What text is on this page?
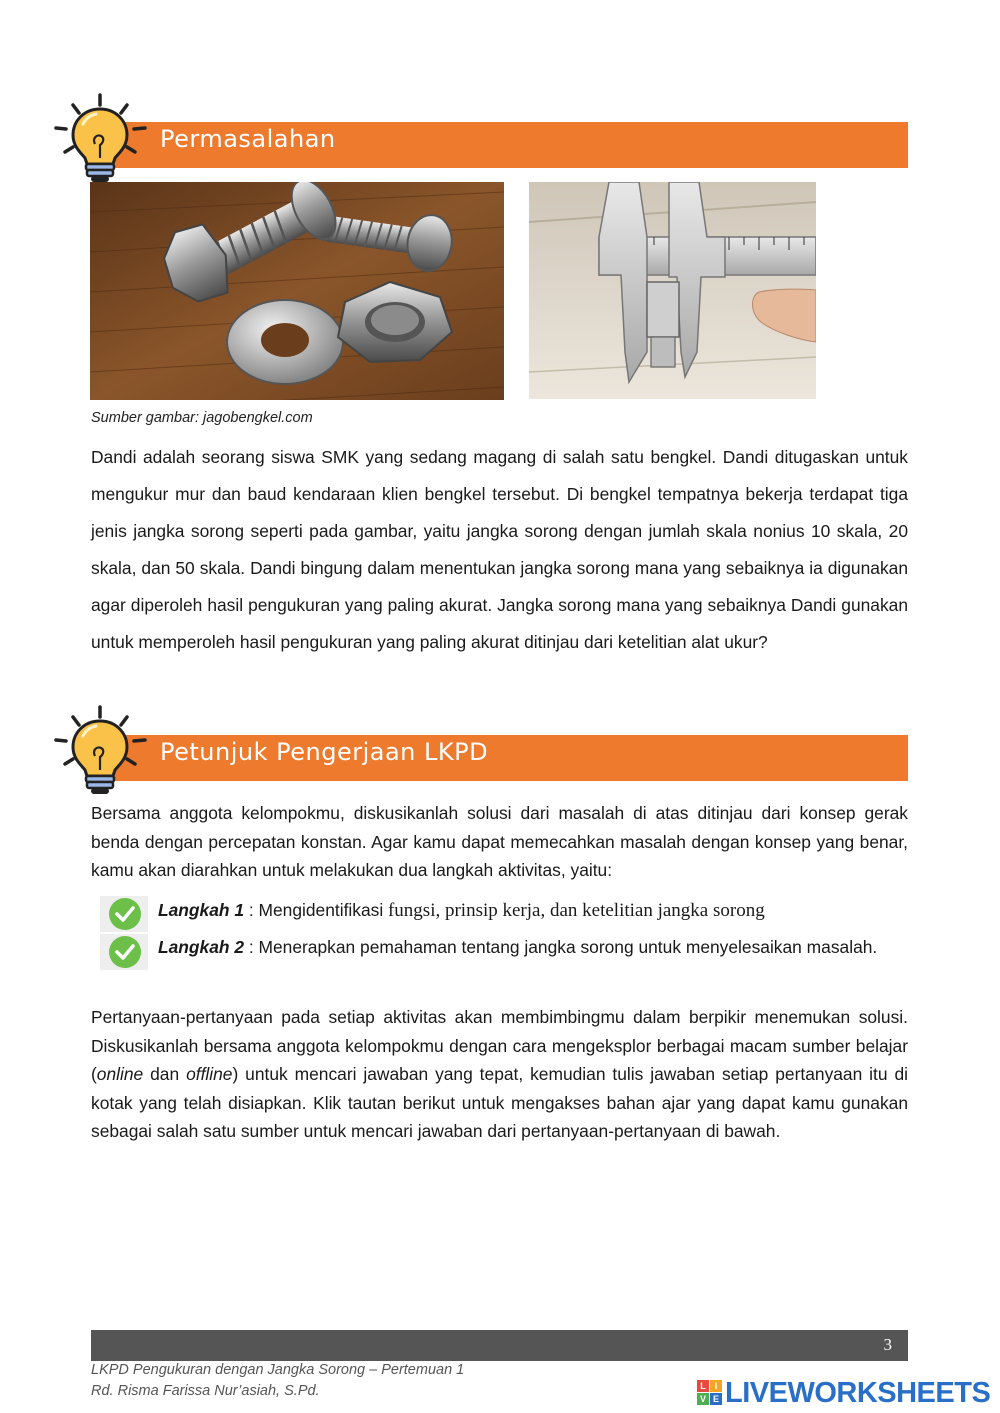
Permasalahan
Sumber gambar: jagobengkel.com
Dandi adalah seorang siswa SMK yang sedang magang di salah satu bengkel. Dandi ditugaskan untuk mengukur mur dan baud kendaraan klien bengkel tersebut. Di bengkel tempatnya bekerja terdapat tiga jenis jangka sorong seperti pada gambar, yaitu jangka sorong dengan jumlah skala nonius 10 skala, 20 skala, dan 50 skala. Dandi bingung dalam menentukan jangka sorong mana yang sebaiknya ia digunakan agar diperoleh hasil pengukuran yang paling akurat. Jangka sorong mana yang sebaiknya Dandi gunakan untuk memperoleh hasil pengukuran yang paling akurat ditinjau dari ketelitian alat ukur?
Petunjuk Pengerjaan LKPD
Bersama anggota kelompokmu, diskusikanlah solusi dari masalah di atas ditinjau dari konsep gerak benda dengan percepatan konstan. Agar kamu dapat memecahkan masalah dengan konsep yang benar, kamu akan diarahkan untuk melakukan dua langkah aktivitas, yaitu:
Langkah 1 : Mengidentifikasi fungsi, prinsip kerja, dan ketelitian jangka sorong
Langkah 2 : Menerapkan pemahaman tentang jangka sorong untuk menyelesaikan masalah.
Pertanyaan-pertanyaan pada setiap aktivitas akan membimbingmu dalam berpikir menemukan solusi. Diskusikanlah bersama anggota kelompokmu dengan cara mengeksplor berbagai macam sumber belajar (online dan offline) untuk mencari jawaban yang tepat, kemudian tulis jawaban setiap pertanyaan itu di kotak yang telah disiapkan. Klik tautan berikut untuk mengakses bahan ajar yang dapat kamu gunakan sebagai salah satu sumber untuk mencari jawaban dari pertanyaan-pertanyaan di bawah.
3
LKPD Pengukuran dengan Jangka Sorong – Pertemuan 1
Rd. Risma Farissa Nur’asiah, S.Pd.	L I
V E LIVEWORKSHEETS
